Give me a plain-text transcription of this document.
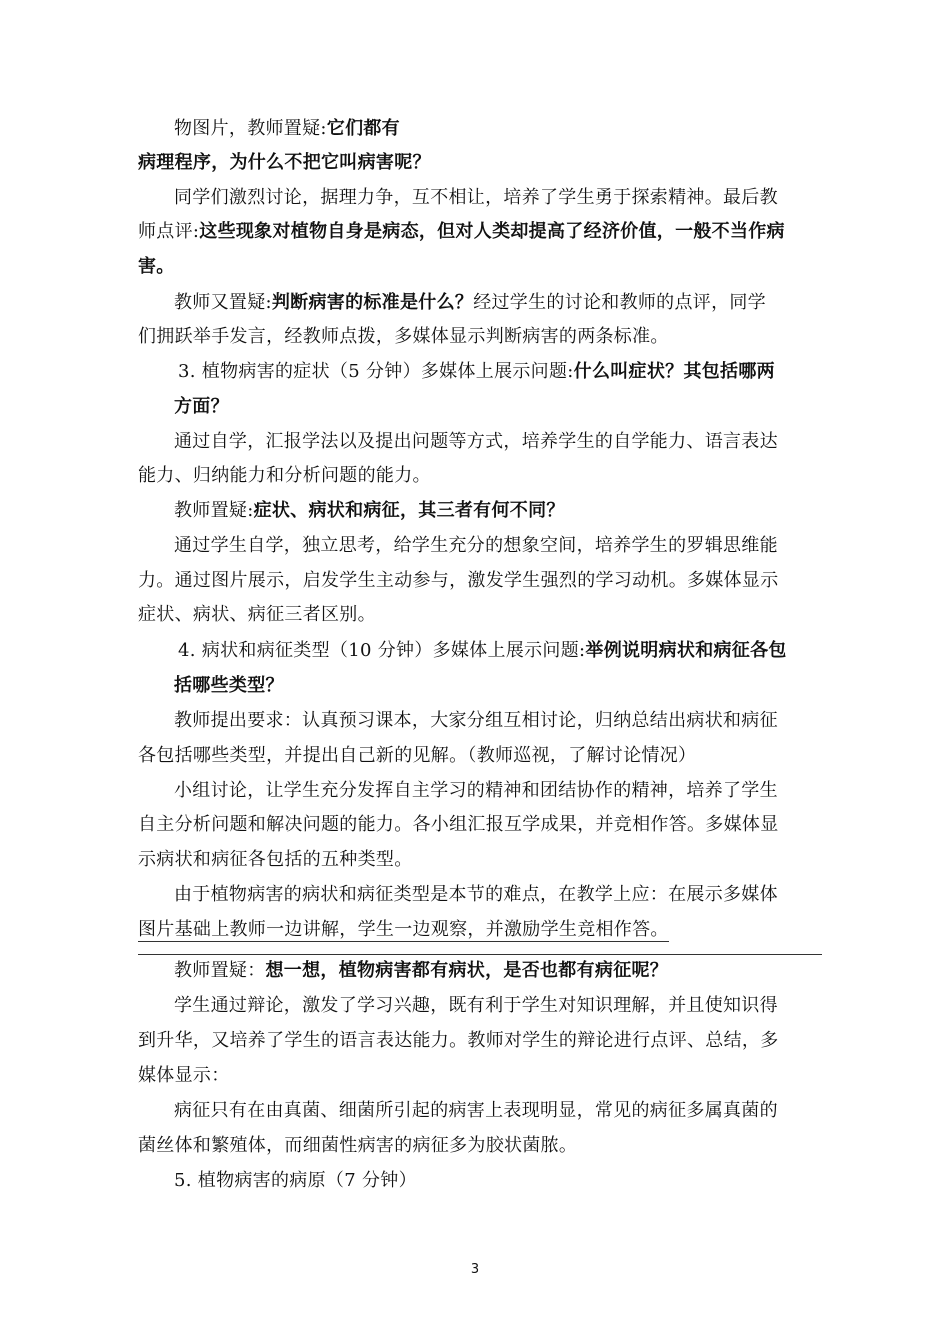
物图片，教师置疑:它们都有
病理程序，为什么不把它叫病害呢？
同学们激烈讨论，据理力争，互不相让，培养了学生勇于探索精神。最后教
师点评:这些现象对植物自身是病态，但对人类却提高了经济价值，一般不当作病
害。
教师又置疑:判断病害的标准是什么？经过学生的讨论和教师的点评，同学
们拥跃举手发言，经教师点拨，多媒体显示判断病害的两条标准。
3. 植物病害的症状（5 分钟）多媒体上展示问题:什么叫症状？其包括哪两
方面？
通过自学，汇报学法以及提出问题等方式，培养学生的自学能力、语言表达
能力、归纳能力和分析问题的能力。
教师置疑:症状、病状和病征，其三者有何不同？
通过学生自学，独立思考，给学生充分的想象空间，培养学生的罗辑思维能
力。通过图片展示，启发学生主动参与，激发学生强烈的学习动机。多媒体显示
症状、病状、病征三者区别。
4. 病状和病征类型（10 分钟）多媒体上展示问题:举例说明病状和病征各包
括哪些类型？
教师提出要求：认真预习课本，大家分组互相讨论，归纳总结出病状和病征
各包括哪些类型，并提出自己新的见解。（教师巡视，了解讨论情况）
小组讨论，让学生充分发挥自主学习的精神和团结协作的精神，培养了学生
自主分析问题和解决问题的能力。各小组汇报互学成果，并竞相作答。多媒体显
示病状和病征各包括的五种类型。
由于植物病害的病状和病征类型是本节的难点，在教学上应：在展示多媒体
图片基础上教师一边讲解，学生一边观察，并激励学生竞相作答。
教师置疑：想一想，植物病害都有病状，是否也都有病征呢？
学生通过辩论，激发了学习兴趣，既有利于学生对知识理解，并且使知识得
到升华，又培养了学生的语言表达能力。教师对学生的辩论进行点评、总结，多
媒体显示：
病征只有在由真菌、细菌所引起的病害上表现明显，常见的病征多属真菌的
菌丝体和繁殖体，而细菌性病害的病征多为胶状菌脓。
5. 植物病害的病原（7 分钟）
3
